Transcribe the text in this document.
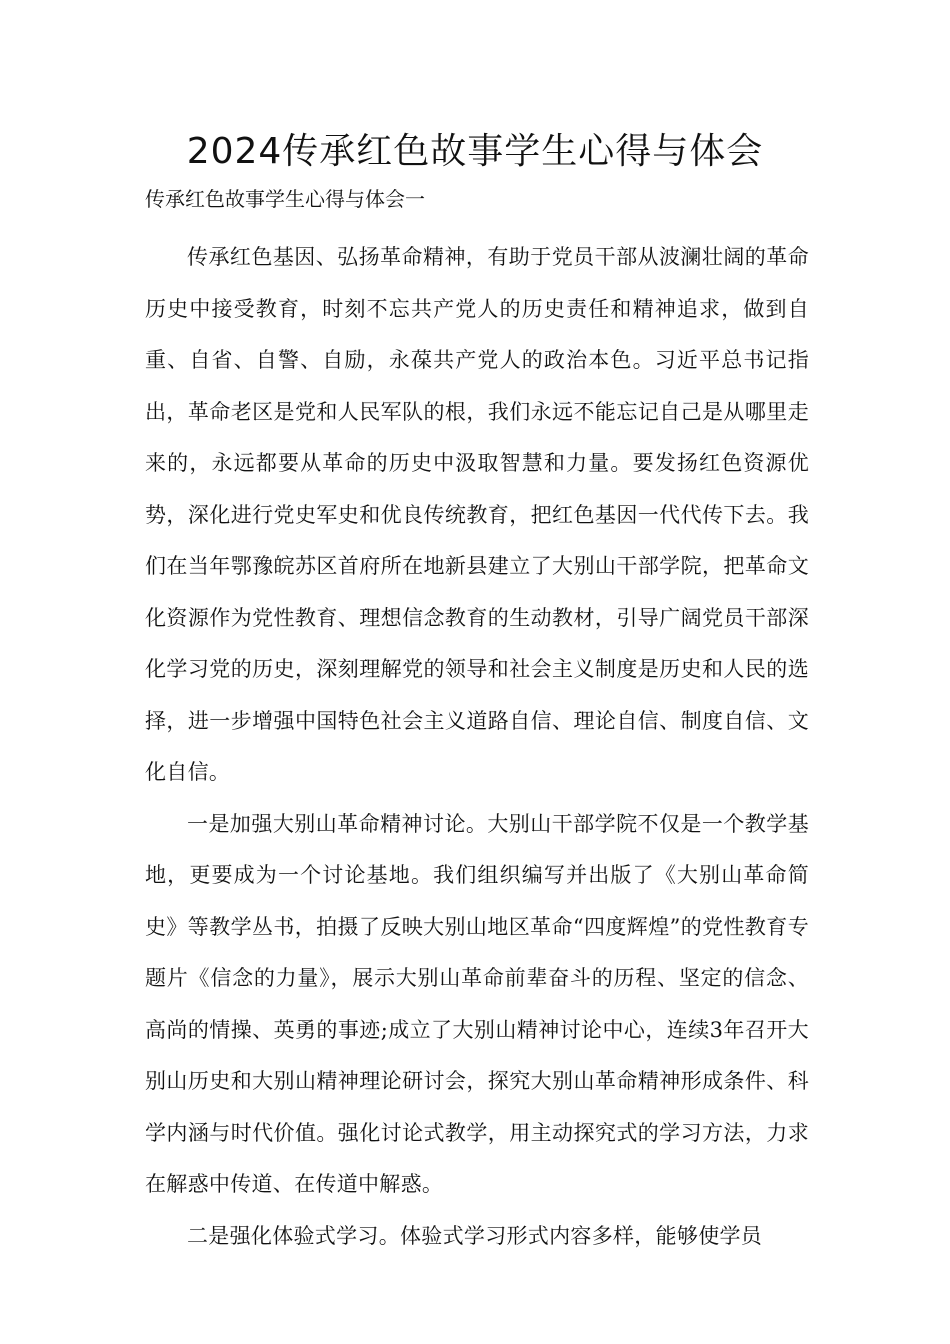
2024传承红色故事学生心得与体会
传承红色故事学生心得与体会一

传承红色基因、弘扬革命精神，有助于党员干部从波澜壮阔的革命历史中接受教育，时刻不忘共产党人的历史责任和精神追求，做到自重、自省、自警、自励，永葆共产党人的政治本色。习近平总书记指出，革命老区是党和人民军队的根，我们永远不能忘记自己是从哪里走来的，永远都要从革命的历史中汲取智慧和力量。要发扬红色资源优势，深化进行党史军史和优良传统教育，把红色基因一代代传下去。我们在当年鄂豫皖苏区首府所在地新县建立了大别山干部学院，把革命文化资源作为党性教育、理想信念教育的生动教材，引导广阔党员干部深化学习党的历史，深刻理解党的领导和社会主义制度是历史和人民的选择，进一步增强中国特色社会主义道路自信、理论自信、制度自信、文化自信。

一是加强大别山革命精神讨论。大别山干部学院不仅是一个教学基地，更要成为一个讨论基地。我们组织编写并出版了《大别山革命简史》等教学丛书，拍摄了反映大别山地区革命“四度辉煌”的党性教育专题片《信念的力量》，展示大别山革命前辈奋斗的历程、坚定的信念、高尚的情操、英勇的事迹;成立了大别山精神讨论中心，连续3年召开大别山历史和大别山精神理论研讨会，探究大别山革命精神形成条件、科学内涵与时代价值。强化讨论式教学，用主动探究式的学习方法，力求在解惑中传道、在传道中解惑。

二是强化体验式学习。体验式学习形式内容多样，能够使学员
